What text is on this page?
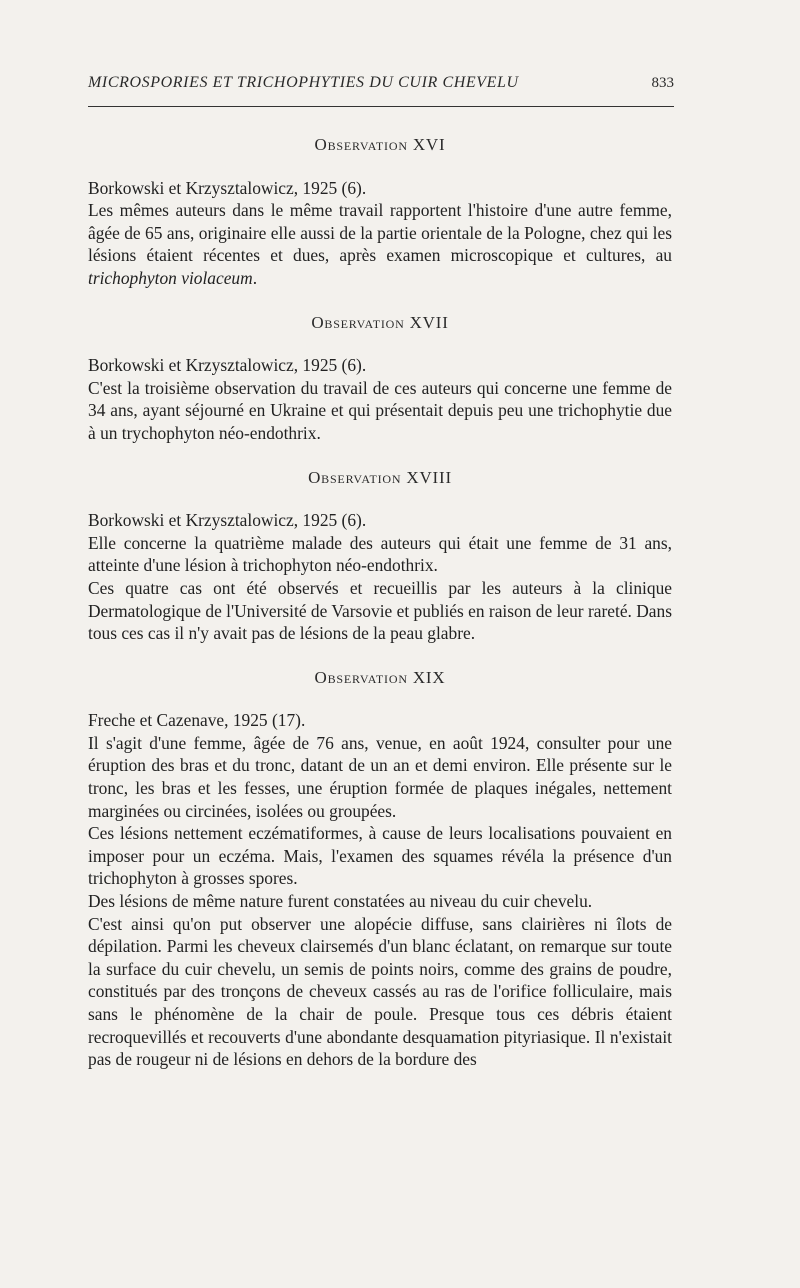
MICROSPORIES ET TRICHOPHYTIES DU CUIR CHEVELU	833
Observation XVI

Borkowski et Krzysztalowicz, 1925 (6).

Les mêmes auteurs dans le même travail rapportent l'histoire d'une autre femme, âgée de 65 ans, originaire elle aussi de la partie orientale de la Pologne, chez qui les lésions étaient récentes et dues, après examen microscopique et cultures, au trichophyton violaceum.

Observation XVII

Borkowski et Krzysztalowicz, 1925 (6).

C'est la troisième observation du travail de ces auteurs qui concerne une femme de 34 ans, ayant séjourné en Ukraine et qui présentait depuis peu une trichophytie due à un trychophyton néo-endothrix.

Observation XVIII

Borkowski et Krzysztalowicz, 1925 (6).

Elle concerne la quatrième malade des auteurs qui était une femme de 31 ans, atteinte d'une lésion à trichophyton néo-endothrix.

Ces quatre cas ont été observés et recueillis par les auteurs à la clinique Dermatologique de l'Université de Varsovie et publiés en raison de leur rareté. Dans tous ces cas il n'y avait pas de lésions de la peau glabre.

Observation XIX

Freche et Cazenave, 1925 (17).

Il s'agit d'une femme, âgée de 76 ans, venue, en août 1924, consulter pour une éruption des bras et du tronc, datant de un an et demi environ. Elle présente sur le tronc, les bras et les fesses, une éruption formée de plaques inégales, nettement marginées ou circinées, isolées ou groupées.

Ces lésions nettement eczématiformes, à cause de leurs localisations pouvaient en imposer pour un eczéma. Mais, l'examen des squames révéla la présence d'un trichophyton à grosses spores.

Des lésions de même nature furent constatées au niveau du cuir chevelu.

C'est ainsi qu'on put observer une alopécie diffuse, sans clairières ni îlots de dépilation. Parmi les cheveux clairsemés d'un blanc éclatant, on remarque sur toute la surface du cuir chevelu, un semis de points noirs, comme des grains de poudre, constitués par des tronçons de cheveux cassés au ras de l'orifice folliculaire, mais sans le phénomène de la chair de poule. Presque tous ces débris étaient recroquevillés et recouverts d'une abondante desquamation pityriasique. Il n'existait pas de rougeur ni de lésions en dehors de la bordure des
